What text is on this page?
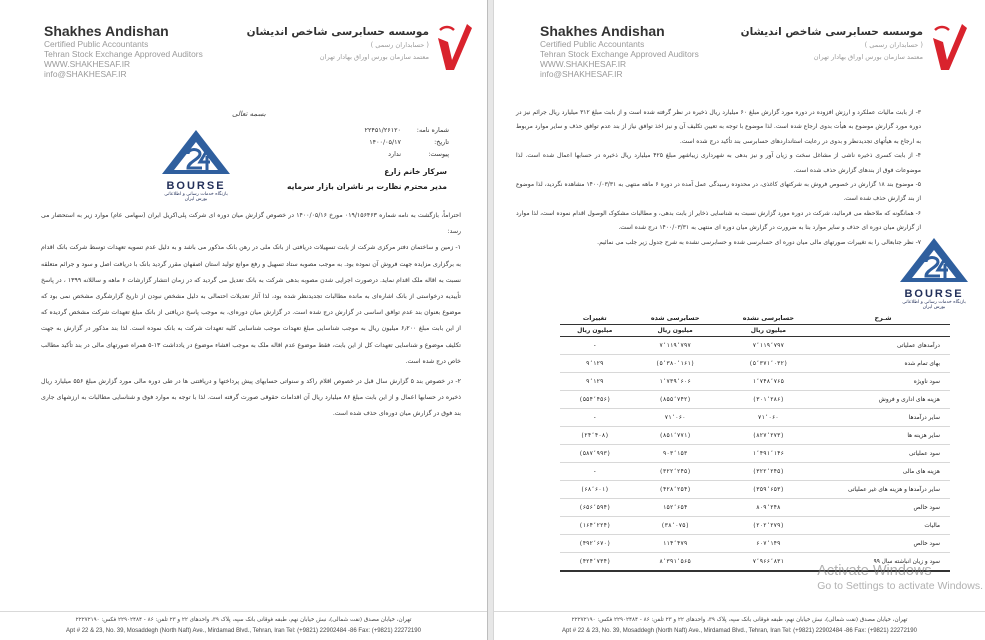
Shakhes Andishan
Certified Public Accountants
Tehran Stock Exchange Approved Auditors
WWW.SHAKHESAF.IR
info@SHAKHESAF.IR
موسسه حسابرسی شاخص اندیشان
( حسابداران رسمی )
معتمد سازمان بورس اوراق بهادار تهران
بسمه تعالی
شماره نامه:
۲۲۴۵۱/۲۶۱۲۰
تاریخ:
۱۴۰۰/۰۵/۱۷
پیوست:
ندارد
BOURSE
بازنگاه خدمات رسانی و اطلاعاتی بورس ایران
سرکار خانم زارع
مدیر محترم نظارت بر ناشران بازار سرمایه

احتراماً، بازگشت به نامه شماره ۰۱۹/۱۵۶۴۶۳ مورخ ۱۴۰۰/۰۵/۱۶ در خصوص گزارش میان دوره ای شرکت پلی‌اکریل ایران (سهامی عام) موارد زیر به استحضار می رسد:

۱- زمین و ساختمان دفتر مرکزی شرکت از بابت تسهیلات دریافتی از بانک ملی در رهن بانک مذکور می باشد و به دلیل عدم تسویه تعهدات توسط شرکت بانک اقدام به برگزاری مزایده جهت فروش آن نموده بود. به موجب مصوبه ستاد تسهیل و رفع موانع تولید استان اصفهان مقرر گردید بانک با دریافت اصل و سود و جرائم متعلقه نسبت به اقاله ملک اقدام نماید. درصورت اجرایی شدن مصوبه بدهی شرکت به بانک تعدیل می گردید که در زمان انتشار گزارشات ۶ ماهه و ساللانه ۱۳۹۹ ، در پاسخ تأییدیه درخواستی از بانک اشاره‌ای به مانده مطالبات تجدیدنظر شده بود، لذا آثار تعدیلات احتمالی به دلیل مشخص نبودن از تاریخ گزارشگری مشخص نمی بود که موضوع بعنوان بند عدم توافق اساسی در گزارش درج شده است. در گزارش میان دوره‌ای، به موجب پاسخ دریافتی از بانک مبلغ تعهدات شرکت مشخص گردیده که از این بابت مبلغ ۶٫۲۰۰ میلیون ریال به موجب شناسایی مبلغ تعهدات موجب شناسایی کلیه تعهدات شرکت به بانک نموده است. لذا بند مذکور در گزارش به جهت تکلیف موضوع و شناسایی تعهدات کل از این بابت، فقط موضوع عدم اقاله ملک به موجب افشاء موضوع در یادداشت ۱۳-۵ همراه صورتهای مالی در بند تأکید مطالب خاص درج شده است.

۲- در خصوص بند ۵ گزارش سال قبل در خصوص اقلام راکد و سنواتی حسابهای پیش پرداختها و دریافتنی ها در طی دوره مالی مورد گزارش مبلغ ۵۵۶ میلیارد ریال ذخیره در حسابها اعمال و از این بابت مبلغ ۸۶ میلیارد ریال آن اقدامات حقوقی صورت گرفته است. لذا با توجه به موارد فوق و شناسایی مطالبات به ارزشهای جاری بند فوق در گزارش میان دوره‌ای حذف شده است.

تهران، خیابان مصدق (نفت شمالی)، نبش خیابان نهم، طبقه فوقانی بانک سپه، پلاک ۳۹، واحدهای ۲۲ و ۲۳ تلفن: ۸۶ - ۲۲۹۰۲۴۸۴ فکس: ۲۲۲۷۲۱۹۰
Apt # 22 & 23, No. 39, Mosaddegh (North Naft) Ave., Mirdamad Blvd., Tehran, Iran Tel: (+9821) 22902484 -86 Fax: (+9821) 22272190
Shakhes Andishan
Certified Public Accountants
Tehran Stock Exchange Approved Auditors
WWW.SHAKHESAF.IR
info@SHAKHESAF.IR
موسسه حسابرسی شاخص اندیشان
( حسابداران رسمی )
معتمد سازمان بورس اوراق بهادار تهران

۳- از بابت مالیات عملکرد و ارزش افزوده در دوره مورد گزارش مبلغ ۶۰ میلیارد ریال ذخیره در نظر گرفته شده است و از بابت مبلغ ۳۱۲ میلیارد ریال جرائم نیز در دوره مورد گزارش موضوع به هیأت بدوی ارجاع شده است. لذا موضوع با توجه به تعیین تکلیف آن و نیز اخذ توافق نیاز از بند عدم توافق حذف و سایر موارد مربوط به ارجاع به هیأتهای تجدیدنظر و بدوی در رعایت استانداردهای حسابرسی بند تأکید درج شده است.

۴- از بابت کسری ذخیره ناشی از مشاغل سخت و زیان آور و نیز بدهی به شهرداری زیباشهر مبلغ ۴۲۵ میلیارد ریال ذخیره در حسابها اعمال شده است. لذا موضوعات فوق از بندهای گزارش حذف شده است.

۵- موضوع بند ۱۸ گزارش در خصوص فروش به شرکتهای کاغذی، در محدوده رسیدگی عمل آمده در دوره ۶ ماهه منتهی به ۱۴۰۰/۰۳/۳۱ مشاهده نگردید، لذا موضوع از بند گزارش حذف شده است.

۶- همانگونه که ملاحظه می فرمائید، شرکت در دوره مورد گزارش نسبت به شناسایی ذخایر از بابت بدهی، و مطالبات مشکوک الوصول اقدام نموده است، لذا موارد از گزارش میان دوره ای حذف و سایر موارد بنا به ضرورت در گزارش میان دوره ای منتهی به ۱۴۰۰/۰۳/۳۱ درج شده است.

۷- نظر جنابعالی را به تغییرات صورتهای مالی میان دوره ای حسابرسی شده و حسابرسی نشده به شرح جدول زیر جلب می نمائیم.

BOURSE
بازنگاه خدمات رسانی و اطلاعاتی بورس ایران
شـرح	حسابرسی نشده	حسابرسی شده	تغییرات
	میلیون ریال	میلیون ریال	میلیون ریال
درآمدهای عملیاتی	۷٬۱۱۹٬۷۹۷	۷٬۱۱۹٬۷۹۷	-
بهای تمام شده	(۵٬۳۷۱٬۰۳۲)	(۵٬۳۸۰٬۱۶۱)	۹٬۱۲۹
سود ناویژه	۱٬۷۴۸٬۷۶۵	۱٬۷۳۹٬۶۰۶	۹٬۱۲۹
هزینه های اداری و فروش	(۳۰۱٬۲۸۶)	(۸۵۵٬۷۴۲)	(۵۵۴٬۴۵۶)
سایر درآمدها	۷۱٬۰۶۰	۷۱٬۰۶۰	-
سایر هزینه ها	(۸۲۷٬۲۷۳)	(۸۵۱٬۷۷۱)	(۲۴٬۴۰۸)
سود عملیاتی	۱٬۴۹۱٬۱۴۶	۹۰۳٬۱۵۳	(۵۸۷٬۹۹۳)
هزینه های مالی	(۳۲۲٬۲۴۵)	(۳۲۲٬۲۴۵)	-
سایر درآمدها و هزینه های غیر عملیاتی	(۳۵۹٬۶۵۳)	(۴۲۸٬۲۵۴)	(۶۸٬۶۰۱)
سود خالص	۸۰۹٬۲۴۸	۱۵۲٬۶۵۴	(۶۵۶٬۵۹۴)
مالیات	(۲۰۲٬۲۷۹)	(۳۸٬۰۷۵)	(۱۶۴٬۲۲۴)
سود خالص	۶۰۷٬۱۴۹	۱۱۴٬۴۷۹	(۴۹۲٬۶۷۰)
سود و زیان انباشته سال ۹۹	۷٬۹۶۶٬۸۳۱	۸٬۳۹۱٬۵۶۵	(۴۲۴٬۷۳۴)
تهران، خیابان مصدق (نفت شمالی)، نبش خیابان نهم، طبقه فوقانی بانک سپه، پلاک ۳۹، واحدهای ۲۲ و ۲۳ تلفن: ۸۶ - ۲۲۹۰۲۴۸۴ فکس: ۲۲۲۷۲۱۹۰
Apt # 22 & 23, No. 39, Mosaddegh (North Naft) Ave., Mirdamad Blvd., Tehran, Iran Tel: (+9821) 22902484 -86 Fax: (+9821) 22272190
Activate Windows
Go to Settings to activate Windows.
